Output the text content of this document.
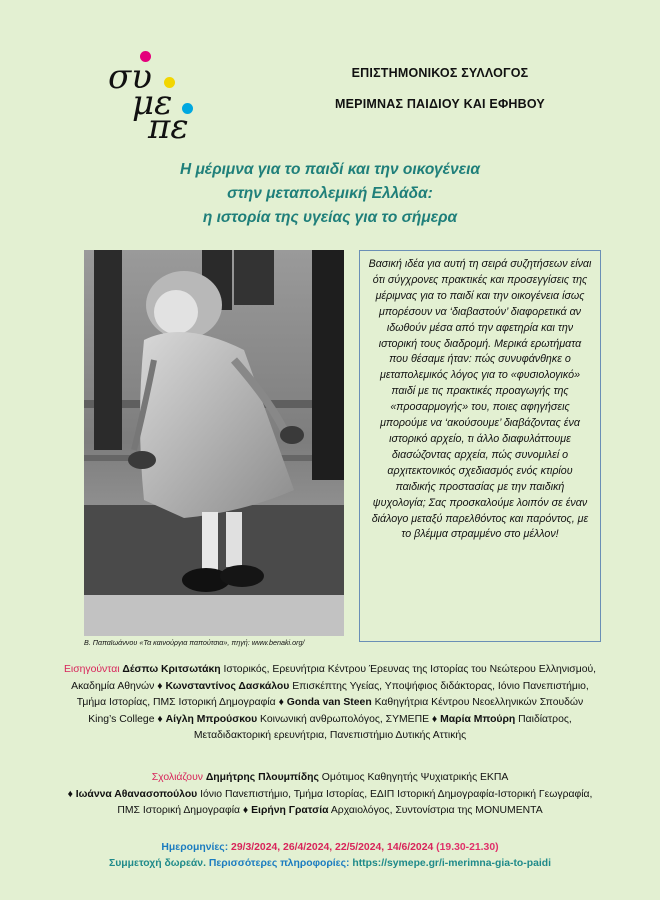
συ
με
πε
ΕΠΙΣΤΗΜΟΝΙΚΟΣ ΣΥΛΛΟΓΟΣ
ΜΕΡΙΜΝΑΣ ΠΑΙΔΙΟΥ ΚΑΙ ΕΦΗΒΟΥ
Η μέριμνα για το παιδί και την οικογένεια
στην μεταπολεμική Ελλάδα:
η ιστορία της υγείας για το σήμερα
Β. Παπαϊωάννου «Τα καινούργια παπούτσια», πηγή: www.benaki.org/

Βασική ιδέα για αυτή τη σειρά συζητήσεων είναι ότι σύγχρονες πρακτικές και προσεγγίσεις της μέριμνας για το παιδί και την οικογένεια ίσως μπορέσουν να ‘διαβαστούν’ διαφορετικά αν ιδωθούν μέσα από την αφετηρία και την ιστορική τους διαδρομή. Μερικά ερωτήματα που θέσαμε ήταν: πώς συνυφάνθηκε ο μεταπολεμικός λόγος για το «φυσιολογικό» παιδί με τις πρακτικές προαγωγής της «προσαρμογής» του, ποιες αφηγήσεις μπορούμε να ‘ακούσουμε’ διαβάζοντας ένα ιστορικό αρχείο, τι άλλο διαφυλάττουμε διασώζοντας αρχεία, πώς συνομιλεί ο αρχιτεκτονικός σχεδιασμός ενός κτιρίου παιδικής προστασίας με την παιδική ψυχολογία; Σας προσκαλούμε λοιπόν σε έναν διάλογο μεταξύ παρελθόντος και παρόντος, με το βλέμμα στραμμένο στο μέλλον!

Εισηγούνται Δέσπω Κριτσωτάκη Ιστορικός, Ερευνήτρια Κέντρου Έρευνας της Ιστορίας του Νεώτερου Ελληνισμού, Ακαδημία Αθηνών ♦ Κωνσταντίνος Δασκάλου Επισκέπτης Υγείας, Υποψήφιος διδάκτορας, Ιόνιο Πανεπιστήμιο, Τμήμα Ιστορίας, ΠΜΣ Ιστορική Δημογραφία ♦ Gonda van Steen Καθηγήτρια Κέντρου Νεοελληνικών Σπουδών King’s College ♦ Αίγλη Μπρούσκου Κοινωνική ανθρωπολόγος, ΣΥΜΕΠΕ ♦ Μαρία Μπούρη Παιδίατρος, Μεταδιδακτορική ερευνήτρια, Πανεπιστήμιο Δυτικής Αττικής
Σχολιάζουν Δημήτρης Πλουμπίδης Ομότιμος Καθηγητής Ψυχιατρικής ΕΚΠΑ
♦ Ιωάννα Αθανασοπούλου Ιόνιο Πανεπιστήμιο, Τμήμα Ιστορίας, ΕΔΙΠ Ιστορική Δημογραφία-Ιστορική Γεωγραφία, ΠΜΣ Ιστορική Δημογραφία ♦ Ειρήνη Γρατσία Αρχαιολόγος, Συντονίστρια της MONUMENTA
Ημερομηνίες: 29/3/2024, 26/4/2024, 22/5/2024, 14/6/2024 (19.30-21.30)
Συμμετοχή δωρεάν. Περισσότερες πληροφορίες: https://symepe.gr/i-merimna-gia-to-paidi
